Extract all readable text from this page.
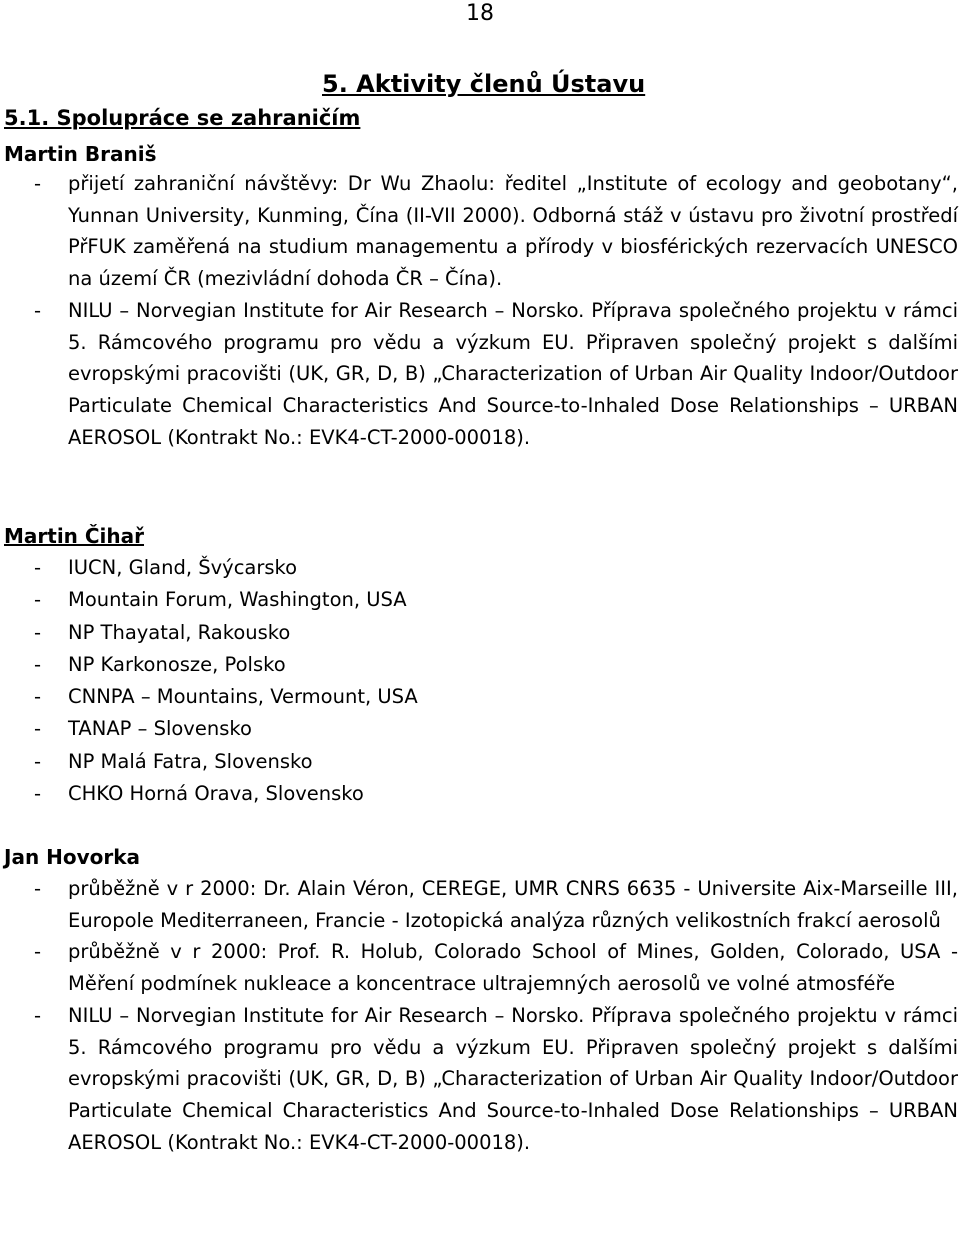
18
5. Aktivity členů Ústavu
5.1. Spolupráce se zahraničím
Martin Braniš
- přijetí zahraniční návštěvy: Dr Wu Zhaolu: ředitel „Institute of ecology and geobotany“, Yunnan University, Kunming, Čína (II-VII 2000). Odborná stáž v ústavu pro životní prostředí PřFUK zaměřená na studium managementu a přírody v biosférických rezervacích UNESCO na území ČR (mezivládní dohoda ČR – Čína).
- NILU – Norvegian Institute for Air Research – Norsko. Příprava společného projektu v rámci 5. Rámcového programu pro vědu a výzkum EU. Připraven společný projekt s dalšími evropskými pracovišti (UK, GR, D, B) „Characterization of Urban Air Quality Indoor/Outdoor Particulate Chemical Characteristics And Source-to-Inhaled Dose Relationships – URBAN AEROSOL (Kontrakt No.: EVK4-CT-2000-00018).
Martin Čihař
- IUCN, Gland, Švýcarsko
- Mountain Forum, Washington, USA
- NP Thayatal, Rakousko
- NP Karkonosze, Polsko
- CNNPA – Mountains, Vermount, USA
- TANAP – Slovensko
- NP Malá Fatra, Slovensko
- CHKO Horná Orava, Slovensko
Jan Hovorka
- průběžně v r 2000: Dr. Alain Véron, CEREGE, UMR CNRS 6635 - Universite Aix-Marseille III, Europole Mediterraneen, Francie - Izotopická analýza různých velikostních frakcí aerosolů
- průběžně v r 2000: Prof. R. Holub, Colorado School of Mines, Golden, Colorado, USA - Měření podmínek nukleace a koncentrace ultrajemných aerosolů ve volné atmosféře
- NILU – Norvegian Institute for Air Research – Norsko. Příprava společného projektu v rámci 5. Rámcového programu pro vědu a výzkum EU. Připraven společný projekt s dalšími evropskými pracovišti (UK, GR, D, B) „Characterization of Urban Air Quality Indoor/Outdoor Particulate Chemical Characteristics And Source-to-Inhaled Dose Relationships – URBAN AEROSOL (Kontrakt No.: EVK4-CT-2000-00018).
